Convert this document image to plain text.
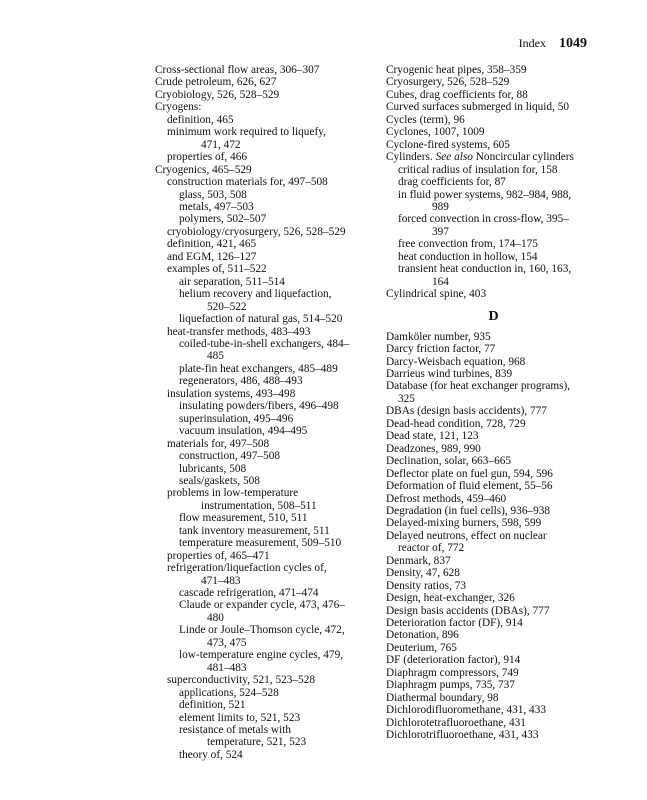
Index 1049
Cross-sectional flow areas, 306–307
Crude petroleum, 626, 627
Cryobiology, 526, 528–529
Cryogens:
definition, 465
minimum work required to liquefy,
471, 472
properties of, 466
Cryogenics, 465–529
construction materials for, 497–508
glass, 503, 508
metals, 497–503
polymers, 502–507
cryobiology/cryosurgery, 526, 528–529
definition, 421, 465
and EGM, 126–127
examples of, 511–522
air separation, 511–514
helium recovery and liquefaction,
520–522
liquefaction of natural gas, 514–520
heat-transfer methods, 483–493
coiled-tube-in-shell exchangers, 484–
485
plate-fin heat exchangers, 485–489
regenerators, 486, 488–493
insulation systems, 493–498
insulating powders/fibers, 496–498
superinsulation, 495–496
vacuum insulation, 494–495
materials for, 497–508
construction, 497–508
lubricants, 508
seals/gaskets, 508
problems in low-temperature
instrumentation, 508–511
flow measurement, 510, 511
tank inventory measurement, 511
temperature measurement, 509–510
properties of, 465–471
refrigeration/liquefaction cycles of,
471–483
cascade refrigeration, 471–474
Claude or expander cycle, 473, 476–
480
Linde or Joule–Thomson cycle, 472,
473, 475
low-temperature engine cycles, 479,
481–483
superconductivity, 521, 523–528
applications, 524–528
definition, 521
element limits to, 521, 523
resistance of metals with
temperature, 521, 523
theory of, 524
Cryogenic heat pipes, 358–359
Cryosurgery, 526, 528–529
Cubes, drag coefficients for, 88
Curved surfaces submerged in liquid, 50
Cycles (term), 96
Cyclones, 1007, 1009
Cyclone-fired systems, 605
Cylinders. See also Noncircular cylinders
critical radius of insulation for, 158
drag coefficients for, 87
in fluid power systems, 982–984, 988,
989
forced convection in cross-flow, 395–
397
free convection from, 174–175
heat conduction in hollow, 154
transient heat conduction in, 160, 163,
164
Cylindrical spine, 403
D
Damköler number, 935
Darcy friction factor, 77
Darcy-Weisbach equation, 968
Darrieus wind turbines, 839
Database (for heat exchanger programs),
325
DBAs (design basis accidents), 777
Dead-head condition, 728, 729
Dead state, 121, 123
Deadzones, 989, 990
Declination, solar, 663–665
Deflector plate on fuel gun, 594, 596
Deformation of fluid element, 55–56
Defrost methods, 459–460
Degradation (in fuel cells), 936–938
Delayed-mixing burners, 598, 599
Delayed neutrons, effect on nuclear
reactor of, 772
Denmark, 837
Density, 47, 628
Density ratios, 73
Design, heat-exchanger, 326
Design basis accidents (DBAs), 777
Deterioration factor (DF), 914
Detonation, 896
Deuterium, 765
DF (deterioration factor), 914
Diaphragm compressors, 749
Diaphragm pumps, 735, 737
Diathermal boundary, 98
Dichlorodifluoromethane, 431, 433
Dichlorotetrafluoroethane, 431
Dichlorotrifluoroethane, 431, 433
